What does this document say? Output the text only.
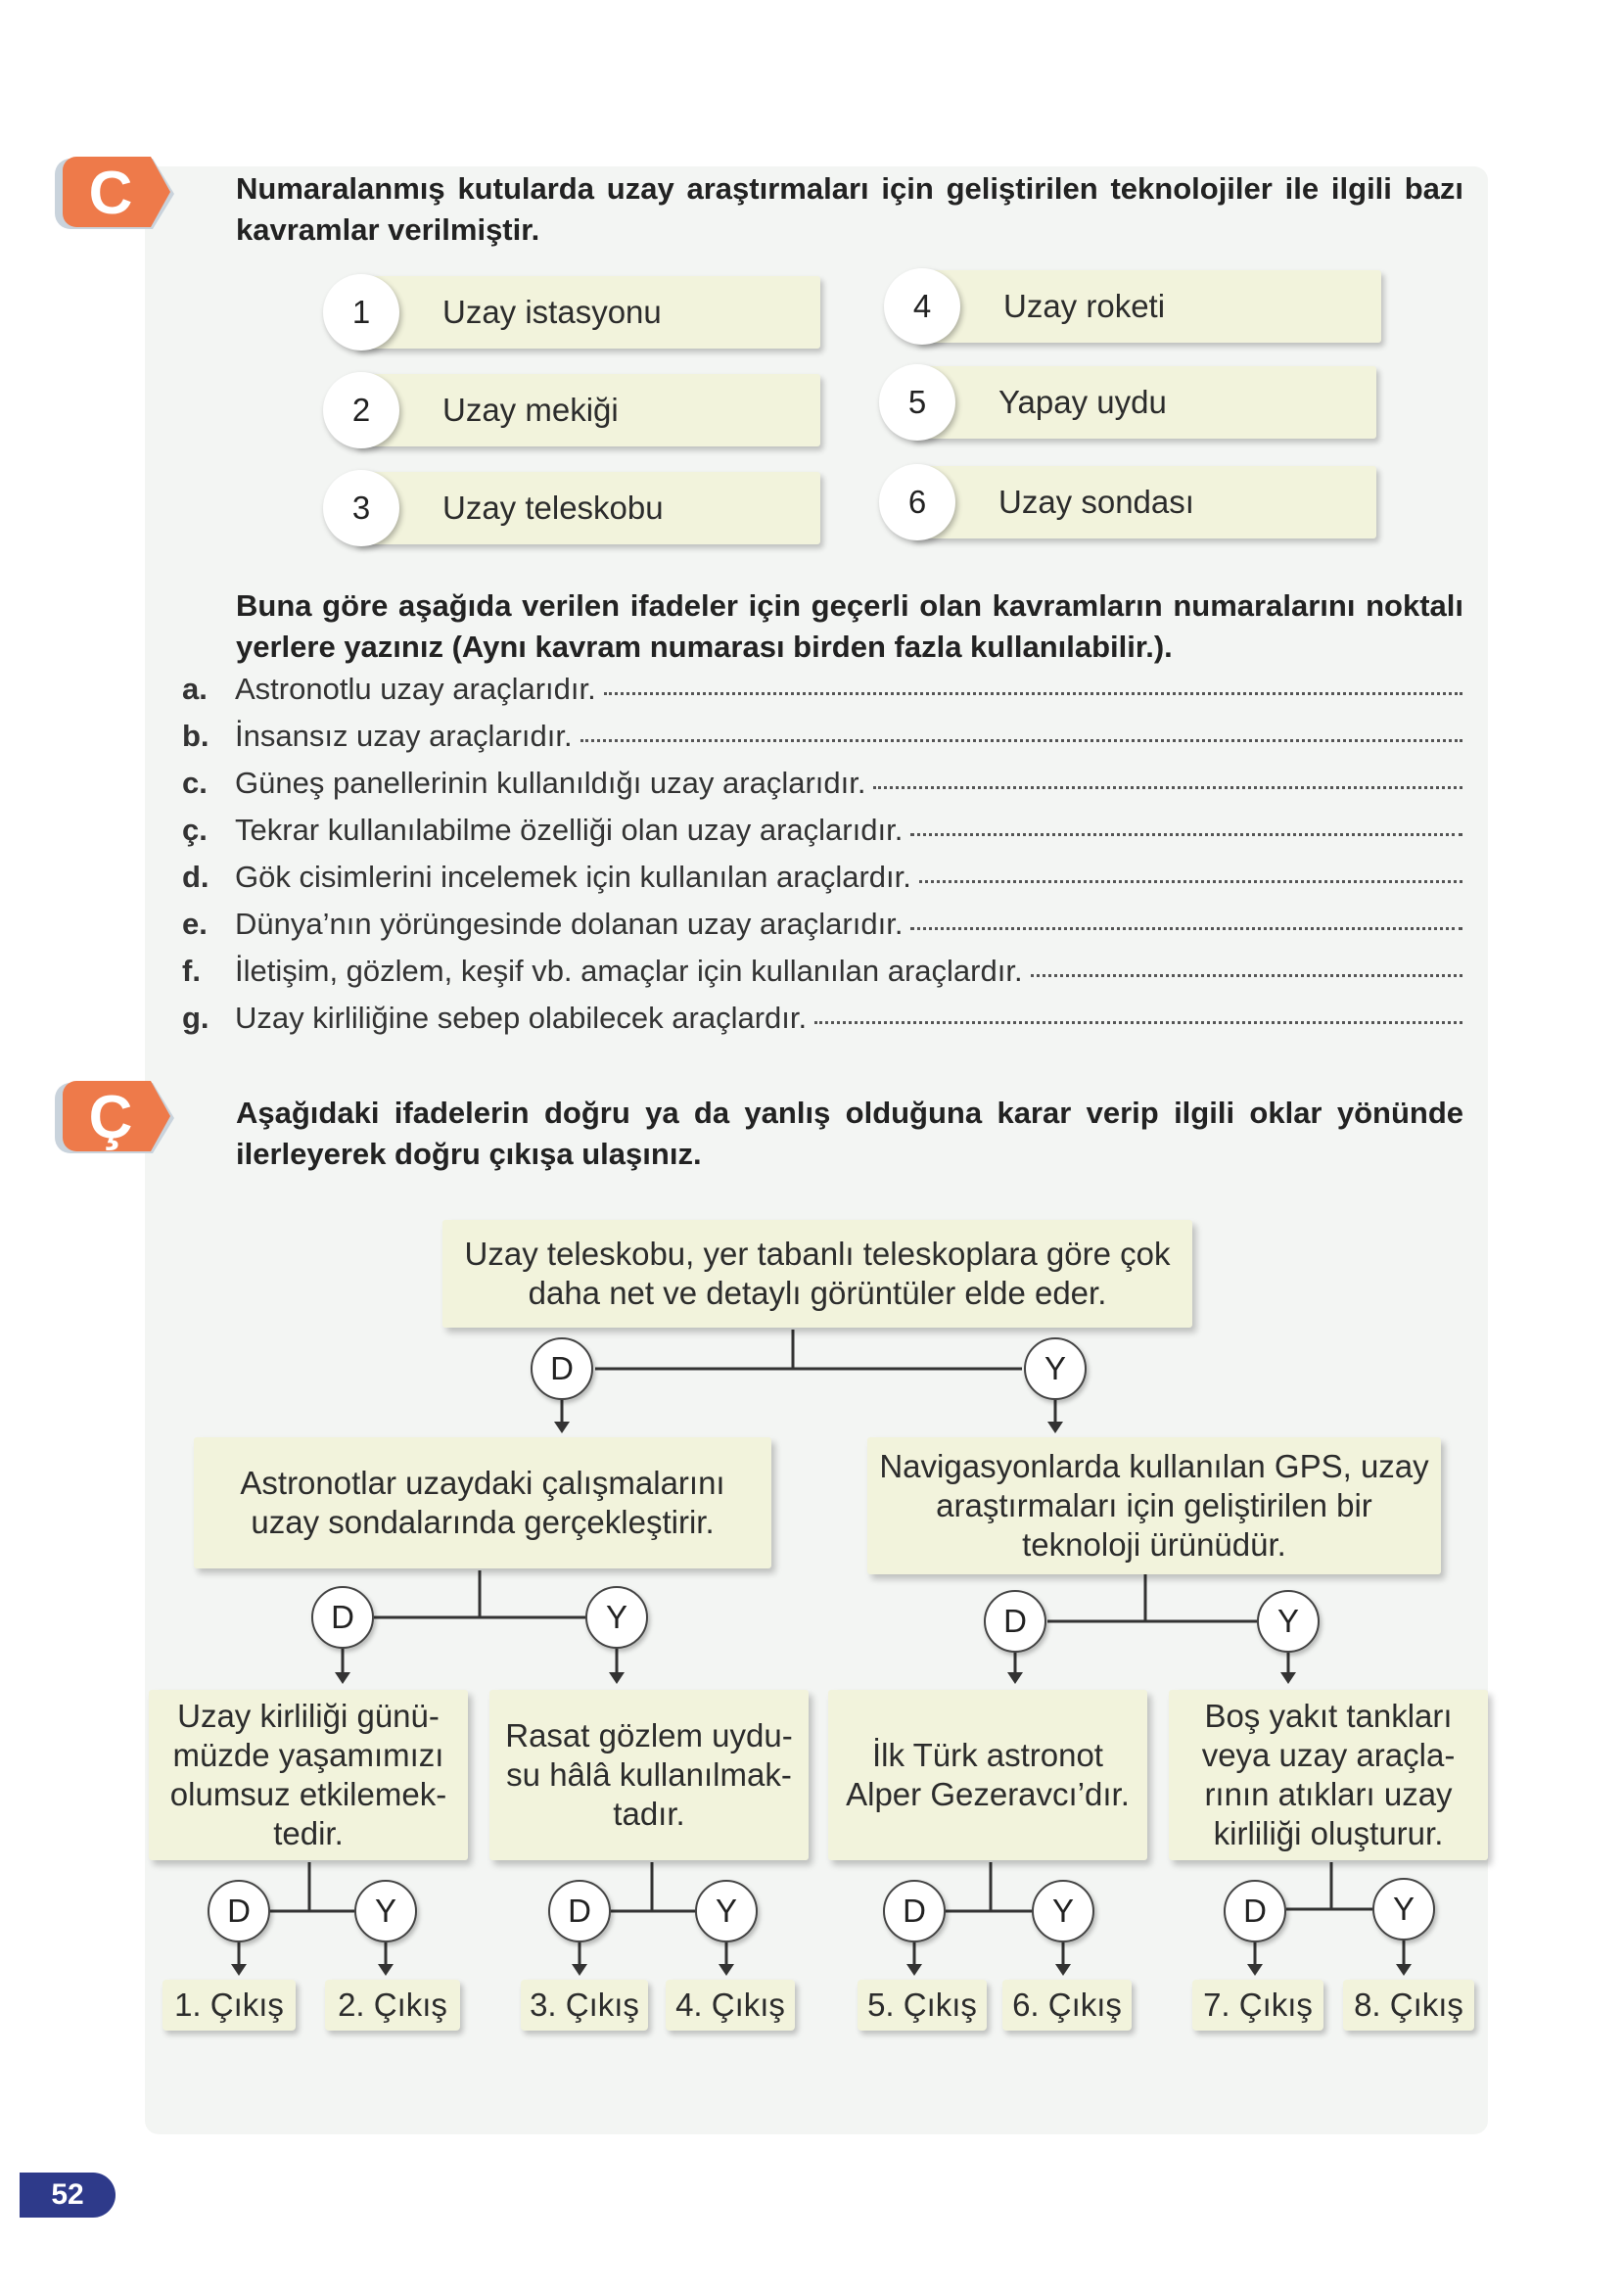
C	Numaralanmış kutularda uzay araştırmaları için geliştirilen teknolojiler ile ilgili bazı kavramlar verilmiştir.
1	Uzay istasyonu
2	Uzay mekiği
3	Uzay teleskobu
4	Uzay roketi
5	Yapay uydu
6	Uzay sondası
Buna göre aşağıda verilen ifadeler için geçerli olan kavramların numaralarını noktalı yerlere yazınız (Aynı kavram numarası birden fazla kullanılabilir.).
a. Astronotlu uzay araçlarıdır.
b. İnsansız uzay araçlarıdır.
c. Güneş panellerinin kullanıldığı uzay araçlarıdır.
ç. Tekrar kullanılabilme özelliği olan uzay araçlarıdır.
d. Gök cisimlerini incelemek için kullanılan araçlardır.
e. Dünya’nın yörüngesinde dolanan uzay araçlarıdır.
f.	İletişim, gözlem, keşif vb. amaçlar için kullanılan araçlardır.
g. Uzay kirliliğine sebep olabilecek araçlardır.
Ç	Aşağıdaki ifadelerin doğru ya da yanlış olduğuna karar verip ilgili oklar yönünde ilerleyerek doğru çıkışa ulaşınız.
Uzay teleskobu, yer tabanlı teleskoplara göre çok daha net ve detaylı görüntüler elde eder.
D	Y
Astronotlar uzaydaki çalışmalarını uzay sondalarında gerçekleştirir.
Navigasyonlarda kullanılan GPS, uzay araştırmaları için geliştirilen bir teknoloji ürünüdür.
D	Y	D	Y
Uzay kirliliği günü-
müzde yaşamımızı
olumsuz etkilemek-
tedir.
Rasat gözlem uydu-
su hâlâ kullanılmak-
tadır.
İlk Türk astronot
Alper Gezeravcı’dır.
Boş yakıt tankları
veya uzay araçla-
rının atıkları uzay
kirliliği oluşturur.
D	Y	D	Y	D	Y	D	Y
1. Çıkış	2. Çıkış	3. Çıkış	4. Çıkış	5. Çıkış	6. Çıkış	7. Çıkış	8. Çıkış
52
